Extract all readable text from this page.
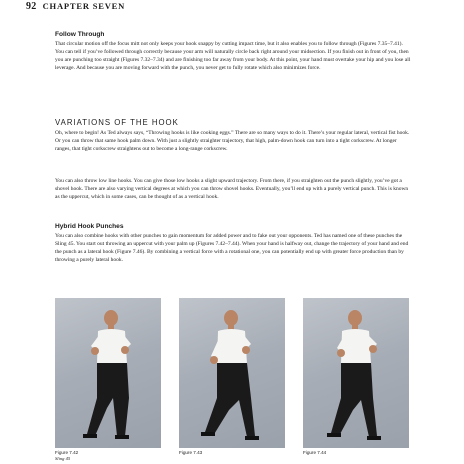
92 CHAPTER SEVEN
Follow Through

That circular motion off the focus mitt not only keeps your hook snappy by cutting impact time, but it also enables you to follow through (Figures 7.35–7.41). You can tell if you’ve followed through correctly because your arm will naturally circle back right around your midsection. If you finish out in front of you, then you are punching too straight (Figures 7.32–7.34) and are finishing too far away from your body. At this point, your hand must overtake your hip and you lose all leverage. And because you are moving forward with the punch, you never get to fully rotate which also minimizes force.

VARIATIONS OF THE HOOK

Oh, where to begin! As Ted always says, “Throwing hooks is like cooking eggs.” There are so many ways to do it. There’s your regular lateral, vertical fist hook. Or you can throw that same hook palm down. With just a slightly straighter trajectory, that high, palm-down hook can turn into a tight corkscrew. At longer ranges, that tight corkscrew straightens out to become a long-range corkscrew.

You can also throw low line hooks. You can give those low hooks a slight upward trajectory. From there, if you straighten out the punch slightly, you’ve got a shovel hook. There are also varying vertical degrees at which you can throw shovel hooks. Eventually, you’ll end up with a purely vertical punch. This is known as the uppercut, which in some cases, can be thought of as a vertical hook.

Hybrid Hook Punches

You can also combine hooks with other punches to gain momentum for added power and to fake out your opponents. Ted has named one of these punches the Sling 45. You start out throwing an uppercut with your palm up (Figures 7.42–7.44). When your hand is halfway out, change the trajectory of your hand and end the punch as a lateral hook (Figure 7.46). By combining a vertical force with a rotational one, you can potentially end up with greater force production than by throwing a purely lateral hook.

Figure 7.42
Sling 45
Figure 7.43	Figure 7.44
